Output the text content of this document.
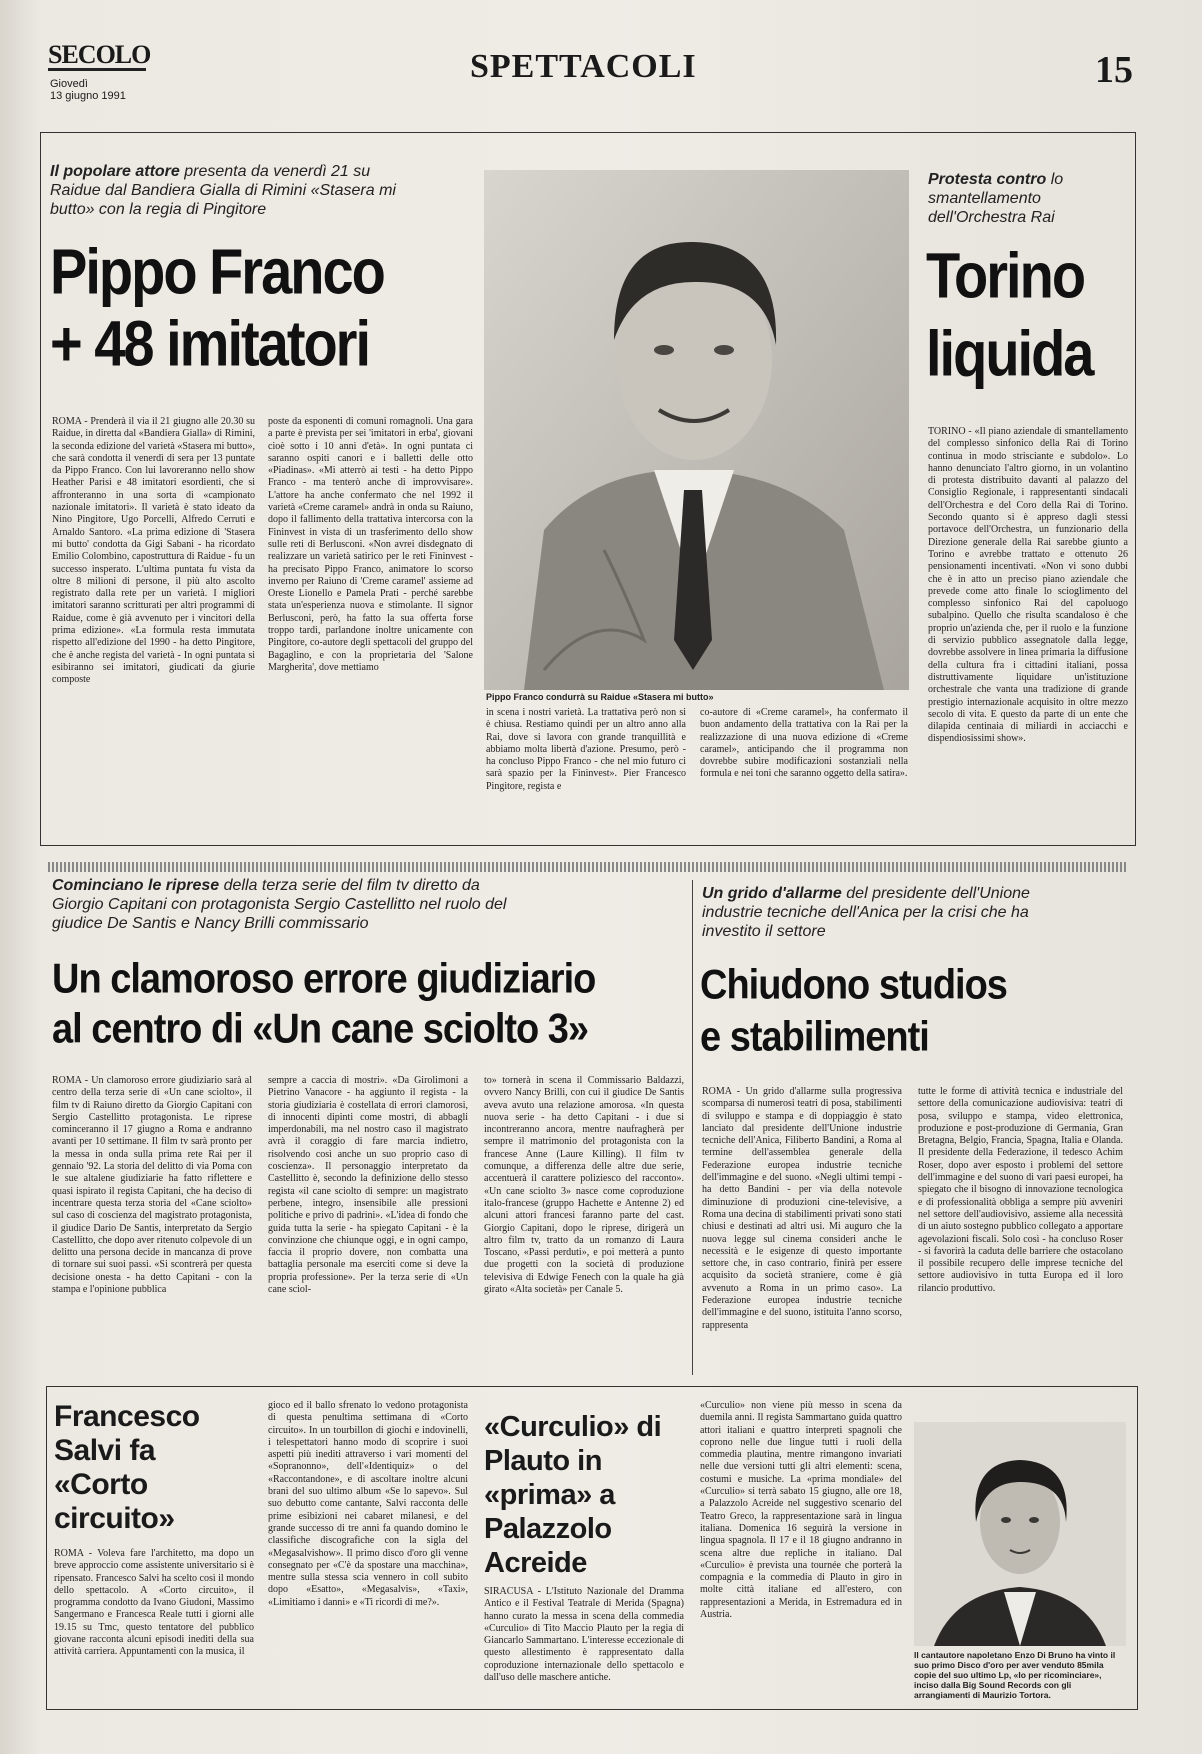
SECOLO
Giovedì
13 giugno 1991
SPETTACOLI	15
Il popolare attore presenta da venerdì 21 su Raidue dal Bandiera Gialla di Rimini «Stasera mi butto» con la regia di Pingitore
Pippo Franco
+ 48 imitatori

ROMA - Prenderà il via il 21 giugno alle 20.30 su Raidue, in diretta dal «Bandiera Gialla» di Rimini, la seconda edizione del varietà «Stasera mi butto», che sarà condotta il venerdì di sera per 13 puntate da Pippo Franco. Con lui lavoreranno nello show Heather Parisi e 48 imitatori esordienti, che si affronteranno in una sorta di «campionato nazionale imitatori». Il varietà è stato ideato da Nino Pingitore, Ugo Porcelli, Alfredo Cerruti e Arnaldo Santoro. «La prima edizione di 'Stasera mi butto' condotta da Gigi Sabani - ha ricordato Emilio Colombino, capostruttura di Raidue - fu un successo insperato. L'ultima puntata fu vista da oltre 8 milioni di persone, il più alto ascolto registrato dalla rete per un varietà. I migliori imitatori saranno scritturati per altri programmi di Raidue, come è già avvenuto per i vincitori della prima edizione». «La formula resta immutata rispetto all'edizione del 1990 - ha detto Pingitore, che è anche regista del varietà - In ogni puntata si esibiranno sei imitatori, giudicati da giurie composte

poste da esponenti di comuni romagnoli. Una gara a parte è prevista per sei 'imitatori in erba', giovani cioè sotto i 10 anni d'età». In ogni puntata ci saranno ospiti canori e i balletti delle otto «Piadinas». «Mi atterrò ai testi - ha detto Pippo Franco - ma tenterò anche di improvvisare». L'attore ha anche confermato che nel 1992 il varietà «Creme caramel» andrà in onda su Raiuno, dopo il fallimento della trattativa intercorsa con la Fininvest in vista di un trasferimento dello show sulle reti di Berlusconi. «Non avrei disdegnato di realizzare un varietà satirico per le reti Fininvest - ha precisato Pippo Franco, animatore lo scorso inverno per Raiuno di 'Creme caramel' assieme ad Oreste Lionello e Pamela Prati - perché sarebbe stata un'esperienza nuova e stimolante. Il signor Berlusconi, però, ha fatto la sua offerta forse troppo tardi, parlandone inoltre unicamente con Pingitore, co-autore degli spettacoli del gruppo del Bagaglino, e con la proprietaria del 'Salone Margherita', dove mettiamo

Pippo Franco condurrà su Raidue «Stasera mi butto»

in scena i nostri varietà. La trattativa però non si è chiusa. Restiamo quindi per un altro anno alla Rai, dove si lavora con grande tranquillità e abbiamo molta libertà d'azione. Presumo, però - ha concluso Pippo Franco - che nel mio futuro ci sarà spazio per la Fininvest». Pier Francesco Pingitore, regista e

co-autore di «Creme caramel», ha confermato il buon andamento della trattativa con la Rai per la realizzazione di una nuova edizione di «Creme caramel», anticipando che il programma non dovrebbe subire modificazioni sostanziali nella formula e nei toni che saranno oggetto della satira».

Protesta contro lo smantellamento dell'Orchestra Rai
Torino
liquida

TORINO - «Il piano aziendale di smantellamento del complesso sinfonico della Rai di Torino continua in modo strisciante e subdolo». Lo hanno denunciato l'altro giorno, in un volantino di protesta distribuito davanti al palazzo del Consiglio Regionale, i rappresentanti sindacali dell'Orchestra e del Coro della Rai di Torino. Secondo quanto si è appreso dagli stessi portavoce dell'Orchestra, un funzionario della Direzione generale della Rai sarebbe giunto a Torino e avrebbe trattato e ottenuto 26 pensionamenti incentivati. «Non vi sono dubbi che è in atto un preciso piano aziendale che prevede come atto finale lo scioglimento del complesso sinfonico Rai del capoluogo subalpino. Quello che risulta scandaloso è che proprio un'azienda che, per il ruolo e la funzione di servizio pubblico assegnatole dalla legge, dovrebbe assolvere in linea primaria la diffusione della cultura fra i cittadini italiani, possa distruttivamente liquidare un'istituzione orchestrale che vanta una tradizione di grande prestigio internazionale acquisito in oltre mezzo secolo di vita. E questo da parte di un ente che dilapida centinaia di miliardi in acciacchi e dispendiosissimi show».

Cominciano le riprese della terza serie del film tv diretto da Giorgio Capitani con protagonista Sergio Castellitto nel ruolo del giudice De Santis e Nancy Brilli commissario
Un clamoroso errore giudiziario
al centro di «Un cane sciolto 3»

ROMA - Un clamoroso errore giudiziario sarà al centro della terza serie di «Un cane sciolto», il film tv di Raiuno diretto da Giorgio Capitani con Sergio Castellitto protagonista. Le riprese cominceranno il 17 giugno a Roma e andranno avanti per 10 settimane. Il film tv sarà pronto per la messa in onda sulla prima rete Rai per il gennaio '92. La storia del delitto di via Poma con le sue altalene giudiziarie ha fatto riflettere e quasi ispirato il regista Capitani, che ha deciso di incentrare questa terza storia del «Cane sciolto» sul caso di coscienza del magistrato protagonista, il giudice Dario De Santis, interpretato da Sergio Castellitto, che dopo aver ritenuto colpevole di un delitto una persona decide in mancanza di prove di tornare sui suoi passi. «Si scontrerà per questa decisione onesta - ha detto Capitani - con la stampa e l'opinione pubblica

sempre a caccia di mostri». «Da Girolimoni a Pietrino Vanacore - ha aggiunto il regista - la storia giudiziaria è costellata di errori clamorosi, di innocenti dipinti come mostri, di abbagli imperdonabili, ma nel nostro caso il magistrato avrà il coraggio di fare marcia indietro, risolvendo così anche un suo proprio caso di coscienza». Il personaggio interpretato da Castellitto è, secondo la definizione dello stesso regista «il cane sciolto di sempre: un magistrato perbene, integro, insensibile alle pressioni politiche e privo di padrini». «L'idea di fondo che guida tutta la serie - ha spiegato Capitani - è la convinzione che chiunque oggi, e in ogni campo, faccia il proprio dovere, non combatta una battaglia personale ma eserciti come si deve la propria professione». Per la terza serie di «Un cane sciol-

to» tornerà in scena il Commissario Baldazzi, ovvero Nancy Brilli, con cui il giudice De Santis aveva avuto una relazione amorosa. «In questa nuova serie - ha detto Capitani - i due si incontreranno ancora, mentre naufragherà per sempre il matrimonio del protagonista con la francese Anne (Laure Killing). Il film tv comunque, a differenza delle altre due serie, accentuerà il carattere poliziesco del racconto». «Un cane sciolto 3» nasce come coproduzione italo-francese (gruppo Hachette e Antenne 2) ed alcuni attori francesi faranno parte del cast. Giorgio Capitani, dopo le riprese, dirigerà un altro film tv, tratto da un romanzo di Laura Toscano, «Passi perduti», e poi metterà a punto due progetti con la società di produzione televisiva di Edwige Fenech con la quale ha già girato «Alta società» per Canale 5.

Un grido d'allarme del presidente dell'Unione industrie tecniche dell'Anica per la crisi che ha investito il settore
Chiudono studios
e stabilimenti

ROMA - Un grido d'allarme sulla progressiva scomparsa di numerosi teatri di posa, stabilimenti di sviluppo e stampa e di doppiaggio è stato lanciato dal presidente dell'Unione industrie tecniche dell'Anica, Filiberto Bandini, a Roma al termine dell'assemblea generale della Federazione europea industrie tecniche dell'immagine e del suono. «Negli ultimi tempi - ha detto Bandini - per via della notevole diminuzione di produzioni cine-televisive, a Roma una decina di stabilimenti privati sono stati chiusi e destinati ad altri usi. Mi auguro che la nuova legge sul cinema consideri anche le necessità e le esigenze di questo importante settore che, in caso contrario, finirà per essere acquisito da società straniere, come è già avvenuto a Roma in un primo caso». La Federazione europea industrie tecniche dell'immagine e del suono, istituita l'anno scorso, rappresenta

tutte le forme di attività tecnica e industriale del settore della comunicazione audiovisiva: teatri di posa, sviluppo e stampa, video elettronica, produzione e post-produzione di Germania, Gran Bretagna, Belgio, Francia, Spagna, Italia e Olanda. Il presidente della Federazione, il tedesco Achim Roser, dopo aver esposto i problemi del settore dell'immagine e del suono di vari paesi europei, ha spiegato che il bisogno di innovazione tecnologica e di professionalità obbliga a sempre più avveniri nel settore dell'audiovisivo, assieme alla necessità di un aiuto sostegno pubblico collegato a apportare agevolazioni fiscali. Solo così - ha concluso Roser - si favorirà la caduta delle barriere che ostacolano il possibile recupero delle imprese tecniche del settore audiovisivo in tutta Europa ed il loro rilancio produttivo.

Francesco Salvi fa «Corto circuito»

ROMA - Voleva fare l'architetto, ma dopo un breve approccio come assistente universitario si è ripensato. Francesco Salvi ha scelto così il mondo dello spettacolo. A «Corto circuito», il programma condotto da Ivano Giudoni, Massimo Sangermano e Francesca Reale tutti i giorni alle 19.15 su Tmc, questo tentatore del pubblico giovane racconta alcuni episodi inediti della sua attività carriera. Appuntamenti con la musica, il

gioco ed il ballo sfrenato lo vedono protagonista di questa penultima settimana di «Corto circuito». In un tourbillon di giochi e indovinelli, i telespettatori hanno modo di scoprire i suoi aspetti più inediti attraverso i vari momenti del «Sopranonno», dell'«Identiquiz» o del «Raccontandone», e di ascoltare inoltre alcuni brani del suo ultimo album «Se lo sapevo». Sul suo debutto come cantante, Salvi racconta delle prime esibizioni nei cabaret milanesi, e del grande successo di tre anni fa quando domino le classifiche discografiche con la sigla del «Megasalvishow». Il primo disco d'oro gli venne consegnato per «C'è da spostare una macchina», mentre sulla stessa scia vennero in coll subito dopo «Esatto», «Megasalvis», «Taxi», «Limitiamo i danni» e «Ti ricordi di me?».

«Curculio» di Plauto in «prima» a Palazzolo Acreide

SIRACUSA - L'Istituto Nazionale del Dramma Antico e il Festival Teatrale di Merida (Spagna) hanno curato la messa in scena della commedia «Curculio» di Tito Maccio Plauto per la regia di Giancarlo Sammartano. L'interesse eccezionale di questo allestimento è rappresentato dalla coproduzione internazionale dello spettacolo e dall'uso delle maschere antiche.

«Curculio» non viene più messo in scena da duemila anni. Il regista Sammartano guida quattro attori italiani e quattro interpreti spagnoli che coprono nelle due lingue tutti i ruoli della commedia plautina, mentre rimangono invariati nelle due versioni tutti gli altri elementi: scena, costumi e musiche. La «prima mondiale» del «Curculio» si terrà sabato 15 giugno, alle ore 18, a Palazzolo Acreide nel suggestivo scenario del Teatro Greco, la rappresentazione sarà in lingua italiana. Domenica 16 seguirà la versione in lingua spagnola. Il 17 e il 18 giugno andranno in scena altre due repliche in italiano. Dal «Curculio» è prevista una tournée che porterà la compagnia e la commedia di Plauto in giro in molte città italiane ed all'estero, con rappresentazioni a Merida, in Estremadura ed in Austria.

Il cantautore napoletano Enzo Di Bruno ha vinto il suo primo Disco d'oro per aver venduto 85mila copie del suo ultimo Lp, «Io per ricominciare», inciso dalla Big Sound Records con gli arrangiamenti di Maurizio Tortora.
